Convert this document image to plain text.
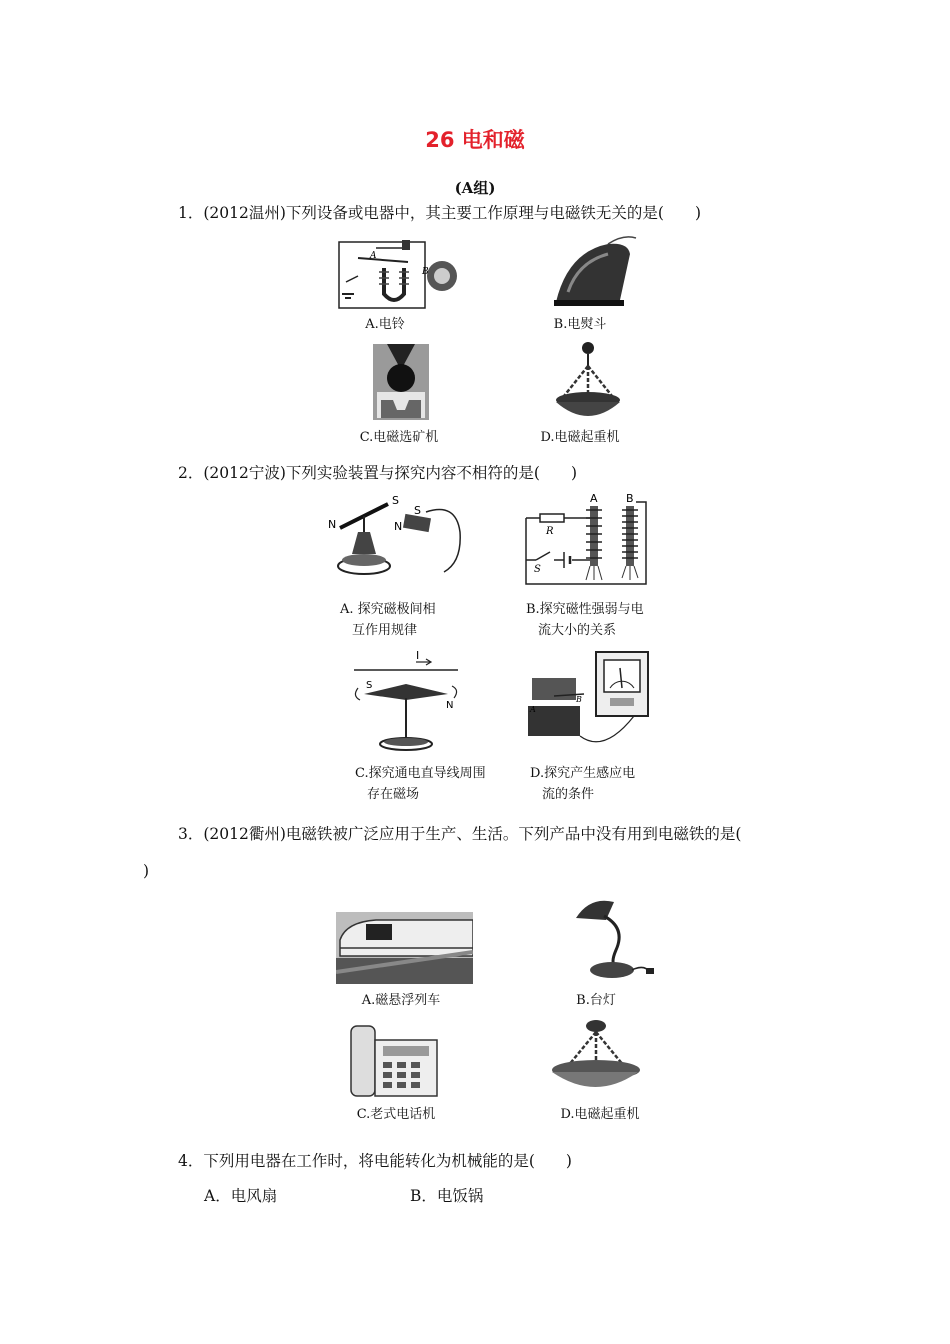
26 电和磁
(A组)
1．(2012温州)下列设备或电器中，其主要工作原理与电磁铁无关的是(　　)
A
B
A.电铃	B.电熨斗
C.电磁选矿机	D.电磁起重机
2．(2012宁波)下列实验装置与探究内容不相符的是(　　)
N
S
N
S
A. 探究磁极间相
互作用规律
A	B
R
S
B.探究磁性强弱与电
流大小的关系
I
S
N
C.探究通电直导线周围
存在磁场
B
A
D.探究产生感应电
流的条件
3．(2012衢州)电磁铁被广泛应用于生产、生活。下列产品中没有用到电磁铁的是(
)
A.磁悬浮列车	B.台灯
C.老式电话机	D.电磁起重机
4．下列用电器在工作时，将电能转化为机械能的是(　　)
A．电风扇	B．电饭锅
